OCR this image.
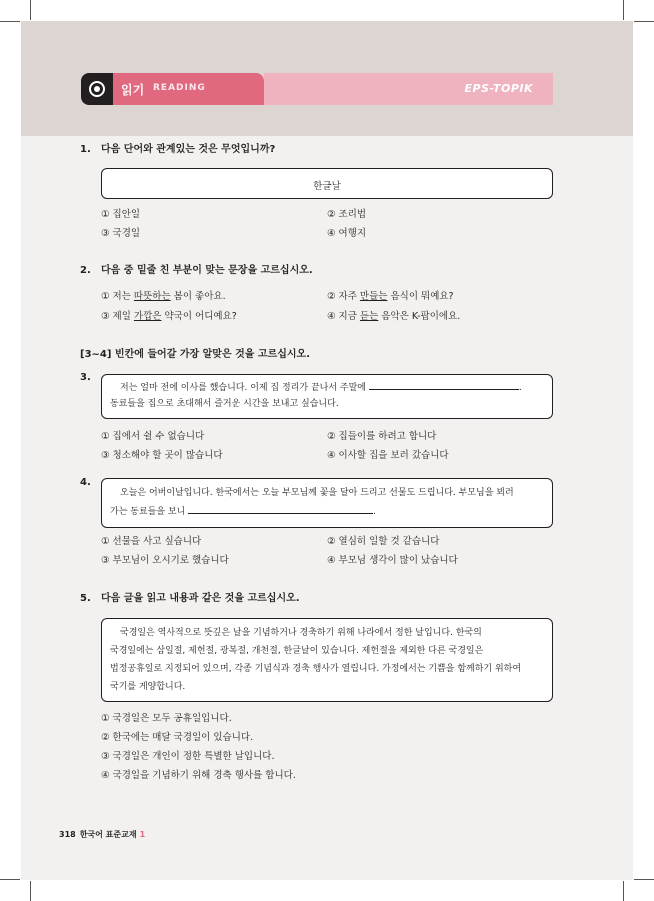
읽기 READING	EPS-TOPIK
1. 다음 단어와 관계있는 것은 무엇입니까?
한글날
① 집안일	② 조리법
③ 국경일	④ 여행지
2. 다음 중 밑줄 친 부분이 맞는 문장을 고르십시오.
① 저는 따뜻하는 봄이 좋아요.	② 자주 만들는 음식이 뭐예요?
③ 제일 가깝은 약국이 어디예요?	④ 지금 듣는 음악은 K-팝이에요.
[3~4] 빈칸에 들어갈 가장 알맞은 것을 고르십시오.
3.
저는 얼마 전에 이사를 했습니다. 이제 집 정리가 끝나서 주말에	.
동료들을 집으로 초대해서 즐거운 시간을 보내고 싶습니다.
① 집에서 쉴 수 없습니다	② 집들이를 하려고 합니다
③ 청소해야 할 곳이 많습니다	④ 이사할 집을 보러 갔습니다
4.
오늘은 어버이날입니다. 한국에서는 오늘 부모님께 꽃을 달아 드리고 선물도 드립니다. 부모님을 뵈러
가는 동료들을 보니	.
① 선물을 사고 싶습니다	② 열심히 일할 것 같습니다
③ 부모님이 오시기로 했습니다	④ 부모님 생각이 많이 났습니다
5. 다음 글을 읽고 내용과 같은 것을 고르십시오.
국경일은 역사적으로 뜻깊은 날을 기념하거나 경축하기 위해 나라에서 정한 날입니다. 한국의
국경일에는 삼일절, 제헌절, 광복절, 개천절, 한글날이 있습니다. 제헌절을 제외한 다른 국경일은
법정공휴일로 지정되어 있으며, 각종 기념식과 경축 행사가 열립니다. 가정에서는 기쁨을 함께하기 위하여
국기를 게양합니다.
① 국경일은 모두 공휴일입니다.
② 한국에는 매달 국경일이 있습니다.
③ 국경일은 개인이 정한 특별한 날입니다.
④ 국경일을 기념하기 위해 경축 행사를 합니다.
318 한국어 표준교재 1
